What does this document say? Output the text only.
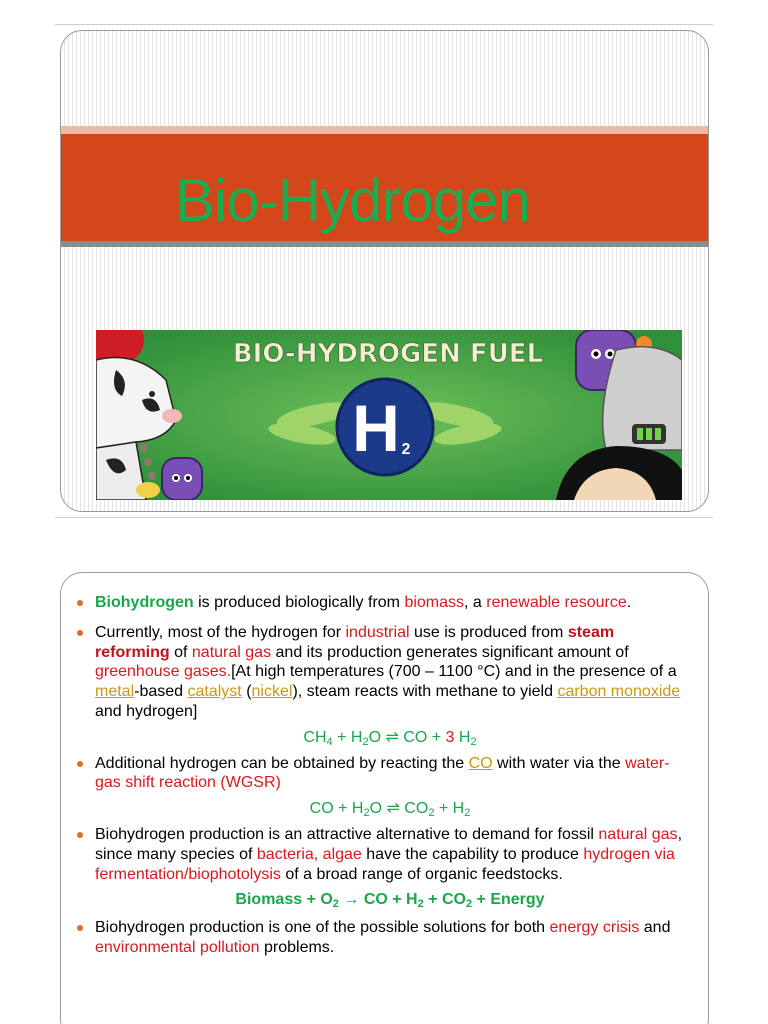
Bio-Hydrogen
BIO-HYDROGEN FUEL
H 2
Biohydrogen is produced biologically from biomass, a renewable resource.
Currently, most of the hydrogen for industrial use is produced from steam reforming of natural gas and its production generates significant amount of greenhouse gases.[At high temperatures (700 – 1100 °C) and in the presence of a metal-based catalyst (nickel), steam reacts with methane to yield carbon monoxide and hydrogen]
$CH_4 + H_2O$ ⇌ CO + 3 $H_2$
Additional hydrogen can be obtained by reacting the CO with water via the water-gas shift reaction (WGSR)
CO + $H_2O$ ⇌ $CO_2 + H_2$
Biohydrogen production is an attractive alternative to demand for fossil natural gas, since many species of bacteria, algae have the capability to produce hydrogen via fermentation/biophotolysis of a broad range of organic feedstocks.
Biomass + $O_2$ → CO + $H_2 + CO_2$ + Energy
Biohydrogen production is one of the possible solutions for both energy crisis and environmental pollution problems.
